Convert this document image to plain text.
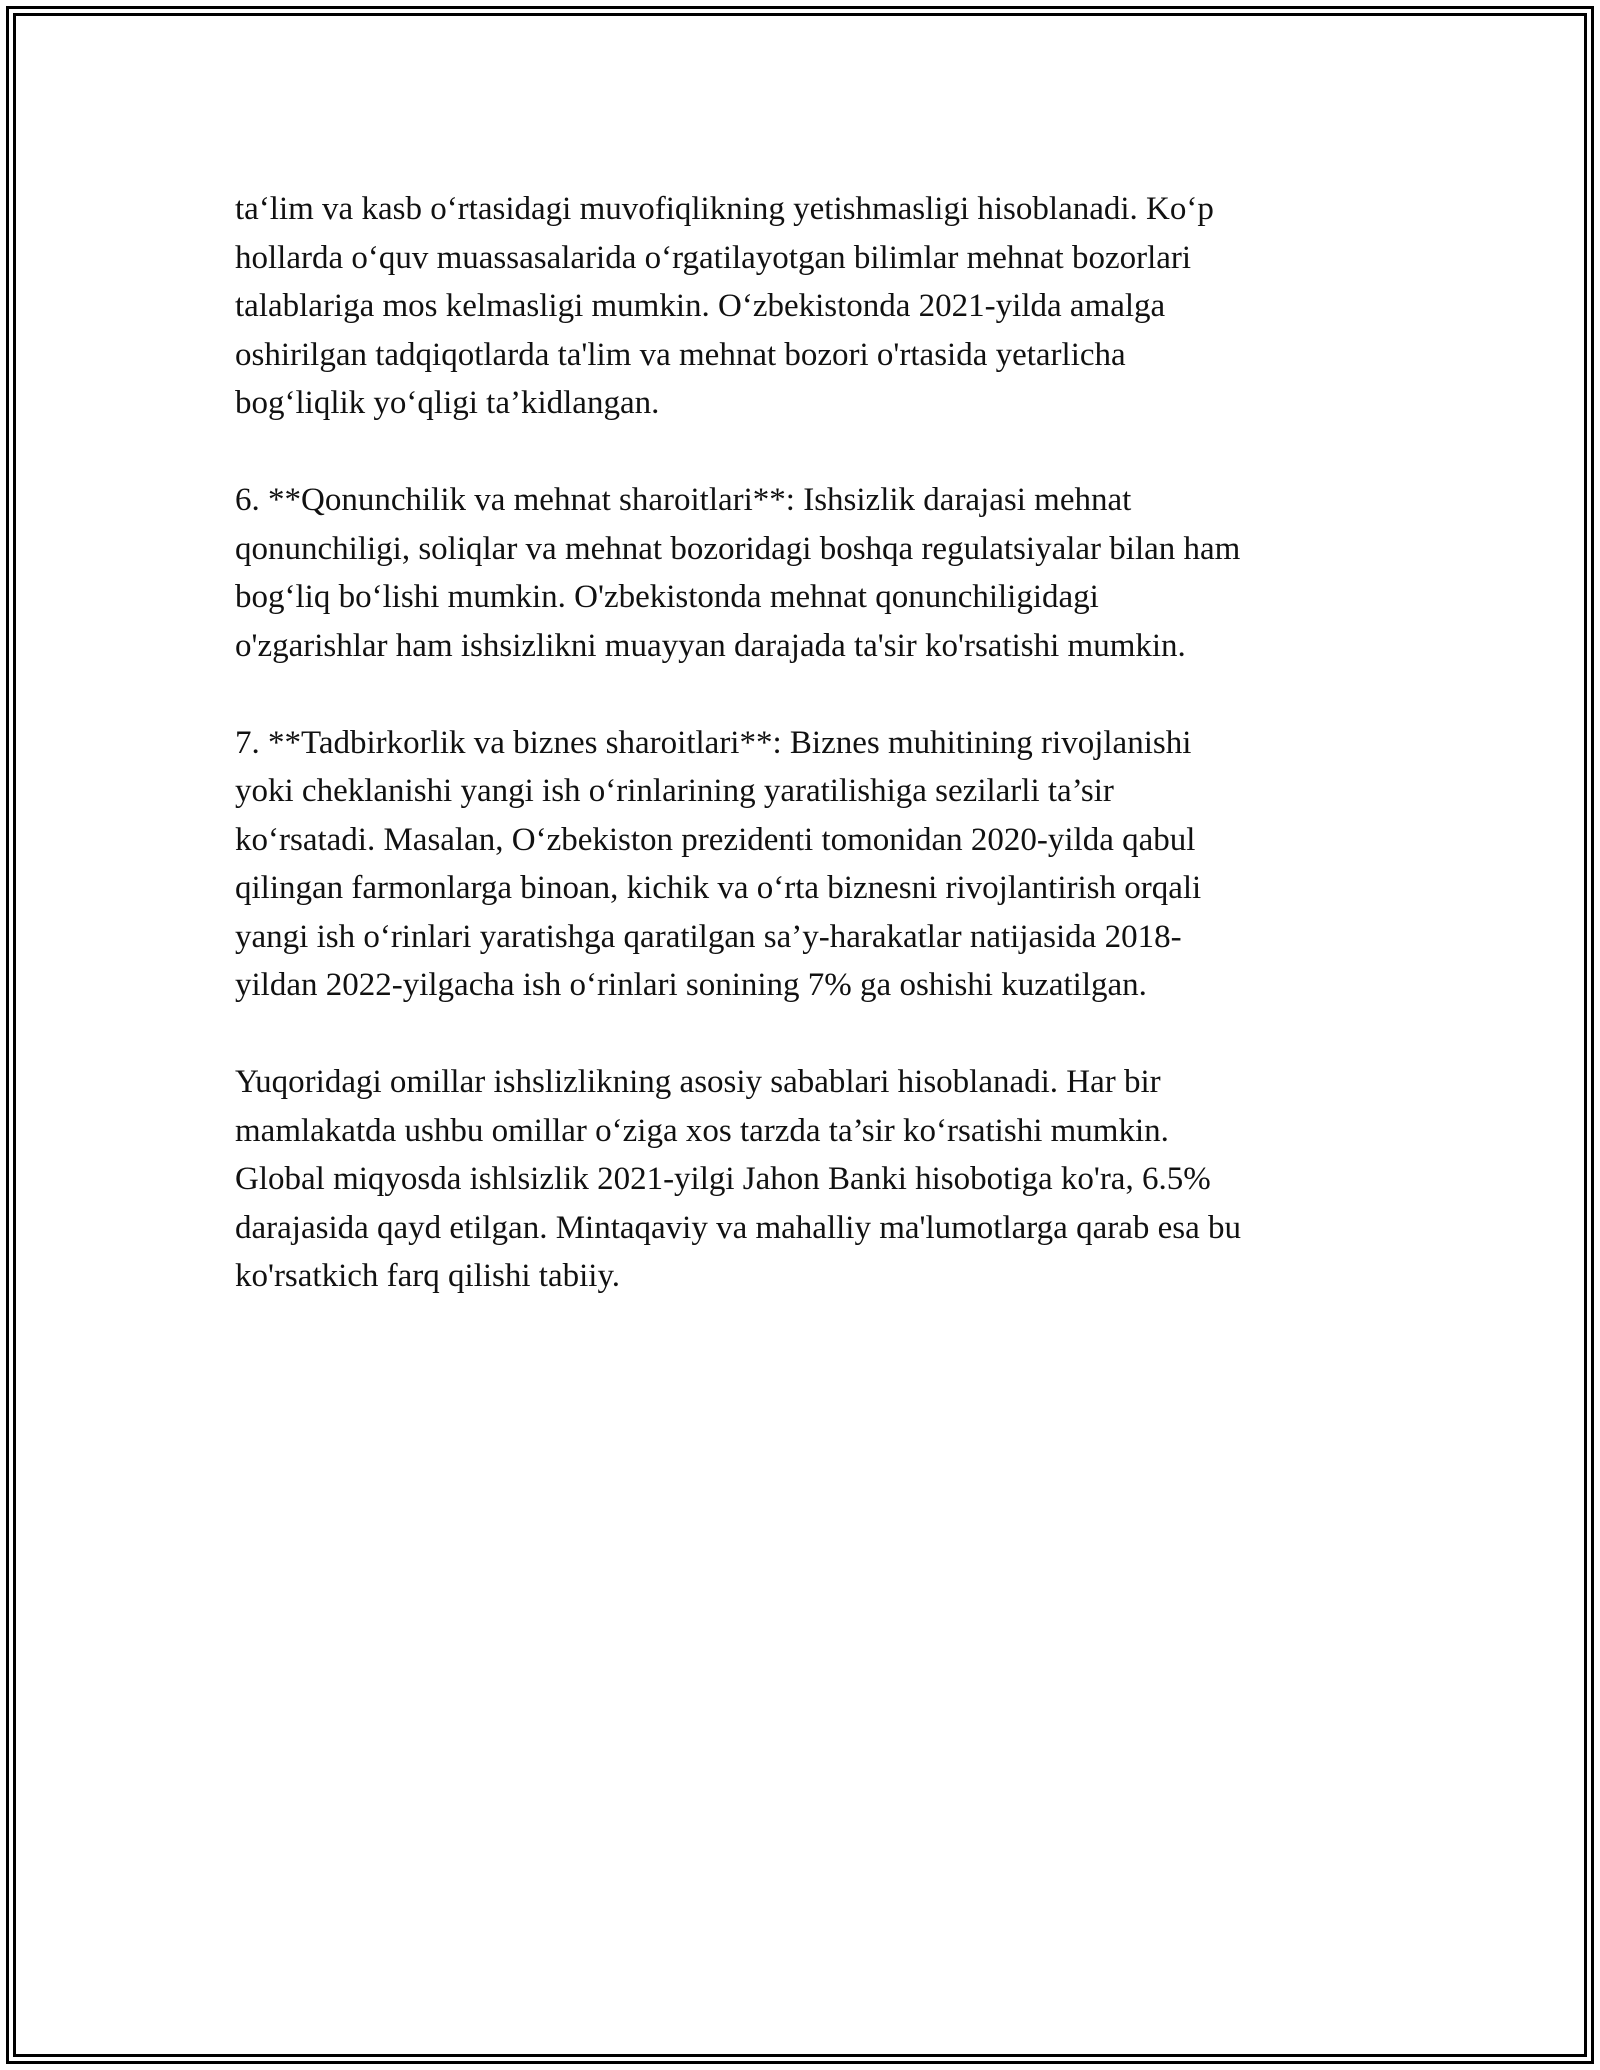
ta‘lim va kasb o‘rtasidagi muvofiqlikning yetishmasligi hisoblanadi. Ko‘p
hollarda o‘quv muassasalarida o‘rgatilayotgan bilimlar mehnat bozorlari
talablariga mos kelmasligi mumkin. O‘zbekistonda 2021-yilda amalga
oshirilgan tadqiqotlarda ta'lim va mehnat bozori o'rtasida yetarlicha
bog‘liqlik yo‘qligi ta’kidlangan.

6. **Qonunchilik va mehnat sharoitlari**: Ishsizlik darajasi mehnat
qonunchiligi, soliqlar va mehnat bozoridagi boshqa regulatsiyalar bilan ham
bog‘liq bo‘lishi mumkin. O'zbekistonda mehnat qonunchiligidagi
o'zgarishlar ham ishsizlikni muayyan darajada ta'sir ko'rsatishi mumkin.

7. **Tadbirkorlik va biznes sharoitlari**: Biznes muhitining rivojlanishi
yoki cheklanishi yangi ish o‘rinlarining yaratilishiga sezilarli ta’sir
ko‘rsatadi. Masalan, O‘zbekiston prezidenti tomonidan 2020-yilda qabul
qilingan farmonlarga binoan, kichik va o‘rta biznesni rivojlantirish orqali
yangi ish o‘rinlari yaratishga qaratilgan sa’y-harakatlar natijasida 2018-
yildan 2022-yilgacha ish o‘rinlari sonining 7% ga oshishi kuzatilgan.

Yuqoridagi omillar ishslizlikning asosiy sabablari hisoblanadi. Har bir
mamlakatda ushbu omillar o‘ziga xos tarzda ta’sir ko‘rsatishi mumkin.
Global miqyosda ishlsizlik 2021-yilgi Jahon Banki hisobotiga ko'ra, 6.5%
darajasida qayd etilgan. Mintaqaviy va mahalliy ma'lumotlarga qarab esa bu
ko'rsatkich farq qilishi tabiiy.
